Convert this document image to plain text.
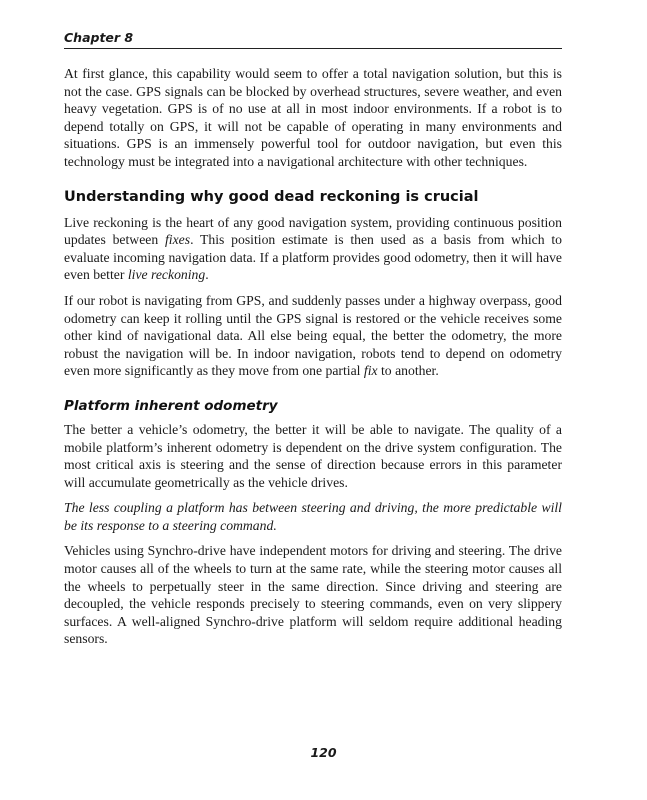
Chapter 8

At first glance, this capability would seem to offer a total navigation solution, but this is not the case. GPS signals can be blocked by overhead structures, severe weather, and even heavy vegetation. GPS is of no use at all in most indoor environments. If a robot is to depend totally on GPS, it will not be capable of operating in many environments and situations. GPS is an immensely powerful tool for outdoor navigation, but even this technology must be integrated into a navigational architecture with other techniques.

Understanding why good dead reckoning is crucial

Live reckoning is the heart of any good navigation system, providing continuous position updates between fixes. This position estimate is then used as a basis from which to evaluate incoming navigation data. If a platform provides good odometry, then it will have even better live reckoning.

If our robot is navigating from GPS, and suddenly passes under a highway overpass, good odometry can keep it rolling until the GPS signal is restored or the vehicle receives some other kind of navigational data. All else being equal, the better the odometry, the more robust the navigation will be. In indoor navigation, robots tend to depend on odometry even more significantly as they move from one partial fix to another.

Platform inherent odometry

The better a vehicle’s odometry, the better it will be able to navigate. The quality of a mobile platform’s inherent odometry is dependent on the drive system configuration. The most critical axis is steering and the sense of direction because errors in this parameter will accumulate geometrically as the vehicle drives.

The less coupling a platform has between steering and driving, the more predictable will be its response to a steering command.

Vehicles using Synchro-drive have independent motors for driving and steering. The drive motor causes all of the wheels to turn at the same rate, while the steering motor causes all the wheels to perpetually steer in the same direction. Since driving and steering are decoupled, the vehicle responds precisely to steering commands, even on very slippery surfaces. A well-aligned Synchro-drive platform will seldom require additional heading sensors.

120
